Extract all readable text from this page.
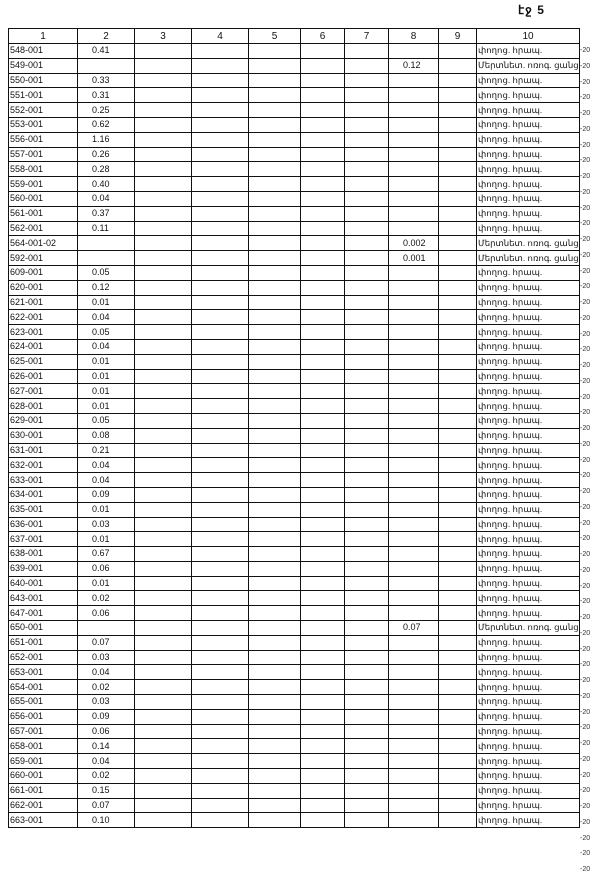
էջ 5
1	2	3	4	5	6	7	8	9	10
548-001	0.41								փողոց. հրապ.
549-001							0.12		Մերտնետ. ոռոգ. ցանց
550-001	0.33								փողոց. հրապ.
551-001	0.31								փողոց. հրապ.
552-001	0.25								փողոց. հրապ.
553-001	0.62								փողոց. հրապ.
556-001	1.16								փողոց. հրապ.
557-001	0.26								փողոց. հրապ.
558-001	0.28								փողոց. հրապ.
559-001	0.40								փողոց. հրապ.
560-001	0.04								փողոց. հրապ.
561-001	0.37								փողոց. հրապ.
562-001	0.11								փողոց. հրապ.
564-001-02							0.002		Մերտնետ. ոռոգ. ցանց
592-001							0.001		Մերտնետ. ոռոգ. ցանց
609-001	0.05								փողոց. հրապ.
620-001	0.12								փողոց. հրապ.
621-001	0.01								փողոց. հրապ.
622-001	0.04								փողոց. հրապ.
623-001	0.05								փողոց. հրապ.
624-001	0.04								փողոց. հրապ.
625-001	0.01								փողոց. հրապ.
626-001	0.01								փողոց. հրապ.
627-001	0.01								փողոց. հրապ.
628-001	0.01								փողոց. հրապ.
629-001	0.05								փողոց. հրապ.
630-001	0.08								փողոց. հրապ.
631-001	0.21								փողոց. հրապ.
632-001	0.04								փողոց. հրապ.
633-001	0.04								փողոց. հրապ.
634-001	0.09								փողոց. հրապ.
635-001	0.01								փողոց. հրապ.
636-001	0.03								փողոց. հրապ.
637-001	0.01								փողոց. հրապ.
638-001	0.67								փողոց. հրապ.
639-001	0.06								փողոց. հրապ.
640-001	0.01								փողոց. հրապ.
643-001	0.02								փողոց. հրապ.
647-001	0.06								փողոց. հրապ.
650-001							0.07		Մերտնետ. ոռոգ. ցանց
651-001	0.07								փողոց. հրապ.
652-001	0.03								փողոց. հրապ.
653-001	0.04								փողոց. հրապ.
654-001	0.02								փողոց. հրապ.
655-001	0.03								փողոց. հրապ.
656-001	0.09								փողոց. հրապ.
657-001	0.06								փողոց. հրապ.
658-001	0.14								փողոց. հրապ.
659-001	0.04								փողոց. հրապ.
660-001	0.02								փողոց. հրապ.
661-001	0.15								փողոց. հրապ.
662-001	0.07								փողոց. հրապ.
663-001	0.10								փողոց. հրապ.
-20
-20
-20
-20
-20
-20
-20
-20
-20
-20
-20
-20
-20
-20
-20
-20
-20
-20
-20
-20
-20
-20
-20
-20
-20
-20
-20
-20
-20
-20
-20
-20
-20
-20
-20
-20
-20
-20
-20
-20
-20
-20
-20
-20
-20
-20
-20
-20
-20
-20
-20
-20
-20
